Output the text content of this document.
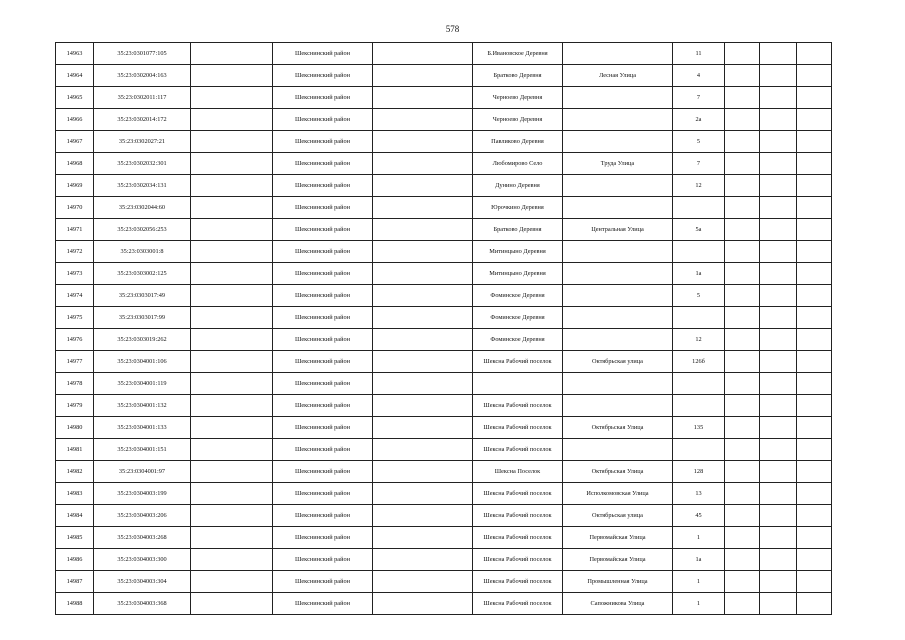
578
14963	35:23:0301077:105		Шекснинский район		Б.Ивановское Деревня		11			
14964	35:23:0302004:163		Шекснинский район		Братково Деревня	Лесная Улица	4			
14965	35:23:0302011:117		Шекснинский район		Черноево Деревня		7			
14966	35:23:0302014:172		Шекснинский район		Черноево Деревня		2а			
14967	35:23:0302027:21		Шекснинский район		Павликово Деревня		5			
14968	35:23:0302032:301		Шекснинский район		Любомирово Село	Труда Улица	7			
14969	35:23:0302034:131		Шекснинский район		Дунино Деревня		12			
14970	35:23:0302044:60		Шекснинский район		Юрочкино Деревня					
14971	35:23:0302056:253		Шекснинский район		Братково Деревня	Центральная Улица	5а			
14972	35:23:0303001:8		Шекснинский район		Митинцыно Деревня					
14973	35:23:0303002:125		Шекснинский район		Митинцыно Деревня		1а			
14974	35:23:0303017:49		Шекснинский район		Фоминское Деревня		5			
14975	35:23:0303017:99		Шекснинский район		Фоминское Деревня					
14976	35:23:0303019:262		Шекснинский район		Фоминское Деревня		12			
14977	35:23:0304001:106		Шекснинский район		Шексна Рабочий поселок	Октябрьская улица	126б			
14978	35:23:0304001:119		Шекснинский район							
14979	35:23:0304001:132		Шекснинский район		Шексна Рабочий поселок					
14980	35:23:0304001:133		Шекснинский район		Шексна Рабочий поселок	Октябрьская Улица	135			
14981	35:23:0304001:151		Шекснинский район		Шексна Рабочий поселок					
14982	35:23:0304001:97		Шекснинский район		Шексна Поселок	Октябрьская Улица	128			
14983	35:23:0304003:199		Шекснинский район		Шексна Рабочий поселок	Исполкомовская Улица	13			
14984	35:23:0304003:206		Шекснинский район		Шексна Рабочий поселок	Октябрьская улица	45			
14985	35:23:0304003:268		Шекснинский район		Шексна Рабочий поселок	Первомайская Улица	1			
14986	35:23:0304003:300		Шекснинский район		Шексна Рабочий поселок	Первомайская Улица	1а			
14987	35:23:0304003:304		Шекснинский район		Шексна Рабочий поселок	Промышленная Улица	1			
14988	35:23:0304003:368		Шекснинский район		Шексна Рабочий поселок	Сапожникова Улица	1			
